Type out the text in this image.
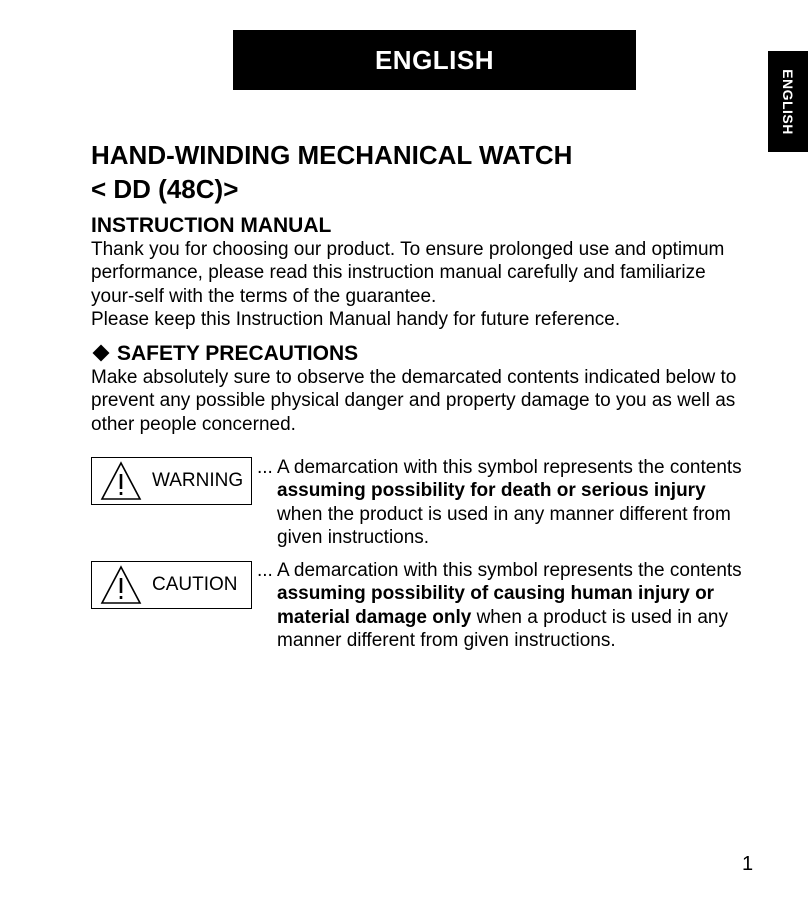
ENGLISH
ENGLISH
HAND-WINDING MECHANICAL WATCH
< DD (48C)>
INSTRUCTION MANUAL

Thank you for choosing our product. To ensure prolonged use and optimum
performance, please read this instruction manual carefully and familiarize
your-self with the terms of the guarantee.
Please keep this Instruction Manual handy for future reference.

SAFETY PRECAUTIONS

Make absolutely sure to observe the demarcated contents indicated below to
prevent any possible physical danger and property damage to you as well as
other people concerned.

WARNING

... A demarcation with this symbol represents the contents
assuming possibility for death or serious injury
when the product is used in any manner different from
given instructions.

CAUTION

... A demarcation with this symbol represents the contents
assuming possibility of causing human injury or
material damage only when a product is used in any
manner different from given instructions.

1
